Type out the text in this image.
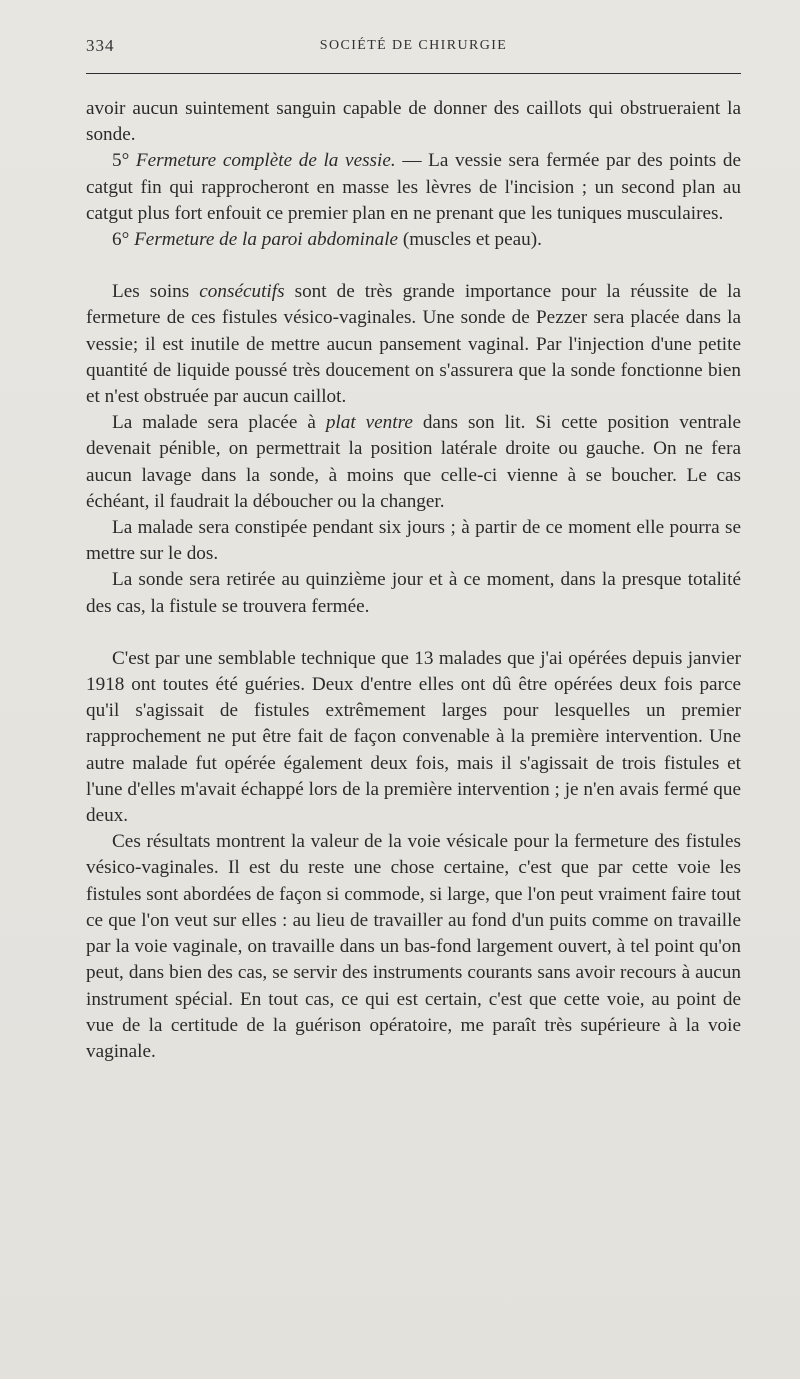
334	SOCIÉTÉ DE CHIRURGIE

avoir aucun suintement sanguin capable de donner des caillots qui obstrueraient la sonde.

5° Fermeture complète de la vessie. — La vessie sera fermée par des points de catgut fin qui rapprocheront en masse les lèvres de l'incision ; un second plan au catgut plus fort enfouit ce premier plan en ne prenant que les tuniques musculaires.

6° Fermeture de la paroi abdominale (muscles et peau).

Les soins consécutifs sont de très grande importance pour la réussite de la fermeture de ces fistules vésico-vaginales. Une sonde de Pezzer sera placée dans la vessie; il est inutile de mettre aucun pansement vaginal. Par l'injection d'une petite quantité de liquide poussé très doucement on s'assurera que la sonde fonctionne bien et n'est obstruée par aucun caillot.

La malade sera placée à plat ventre dans son lit. Si cette position ventrale devenait pénible, on permettrait la position latérale droite ou gauche. On ne fera aucun lavage dans la sonde, à moins que celle-ci vienne à se boucher. Le cas échéant, il faudrait la déboucher ou la changer.

La malade sera constipée pendant six jours ; à partir de ce moment elle pourra se mettre sur le dos.

La sonde sera retirée au quinzième jour et à ce moment, dans la presque totalité des cas, la fistule se trouvera fermée.

C'est par une semblable technique que 13 malades que j'ai opérées depuis janvier 1918 ont toutes été guéries. Deux d'entre elles ont dû être opérées deux fois parce qu'il s'agissait de fistules extrêmement larges pour lesquelles un premier rapprochement ne put être fait de façon convenable à la première intervention. Une autre malade fut opérée également deux fois, mais il s'agissait de trois fistules et l'une d'elles m'avait échappé lors de la première intervention ; je n'en avais fermé que deux.

Ces résultats montrent la valeur de la voie vésicale pour la fermeture des fistules vésico-vaginales. Il est du reste une chose certaine, c'est que par cette voie les fistules sont abordées de façon si commode, si large, que l'on peut vraiment faire tout ce que l'on veut sur elles : au lieu de travailler au fond d'un puits comme on travaille par la voie vaginale, on travaille dans un bas-fond largement ouvert, à tel point qu'on peut, dans bien des cas, se servir des instruments courants sans avoir recours à aucun instrument spécial. En tout cas, ce qui est certain, c'est que cette voie, au point de vue de la certitude de la guérison opératoire, me paraît très supérieure à la voie vaginale.
